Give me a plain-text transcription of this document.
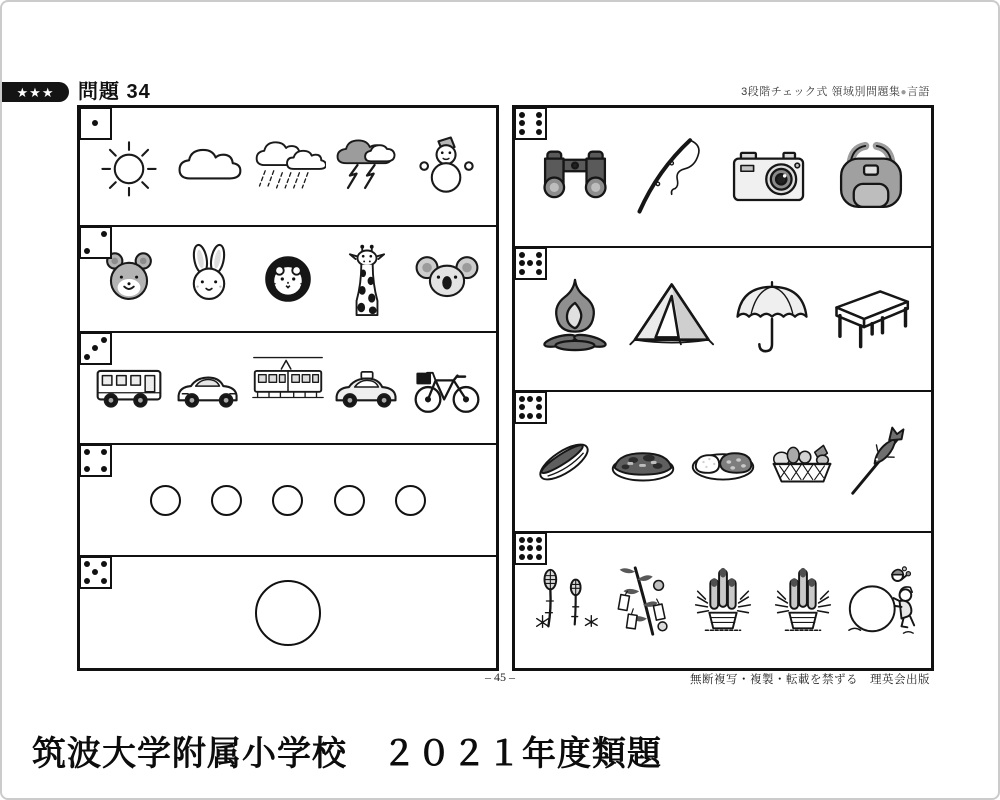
★★★ 問題 34	3段階チェック式 領域別問題集●言語
– 45 –	無断複写・複製・転載を禁ずる　理英会出版
筑波大学附属小学校　２０２１年度類題
